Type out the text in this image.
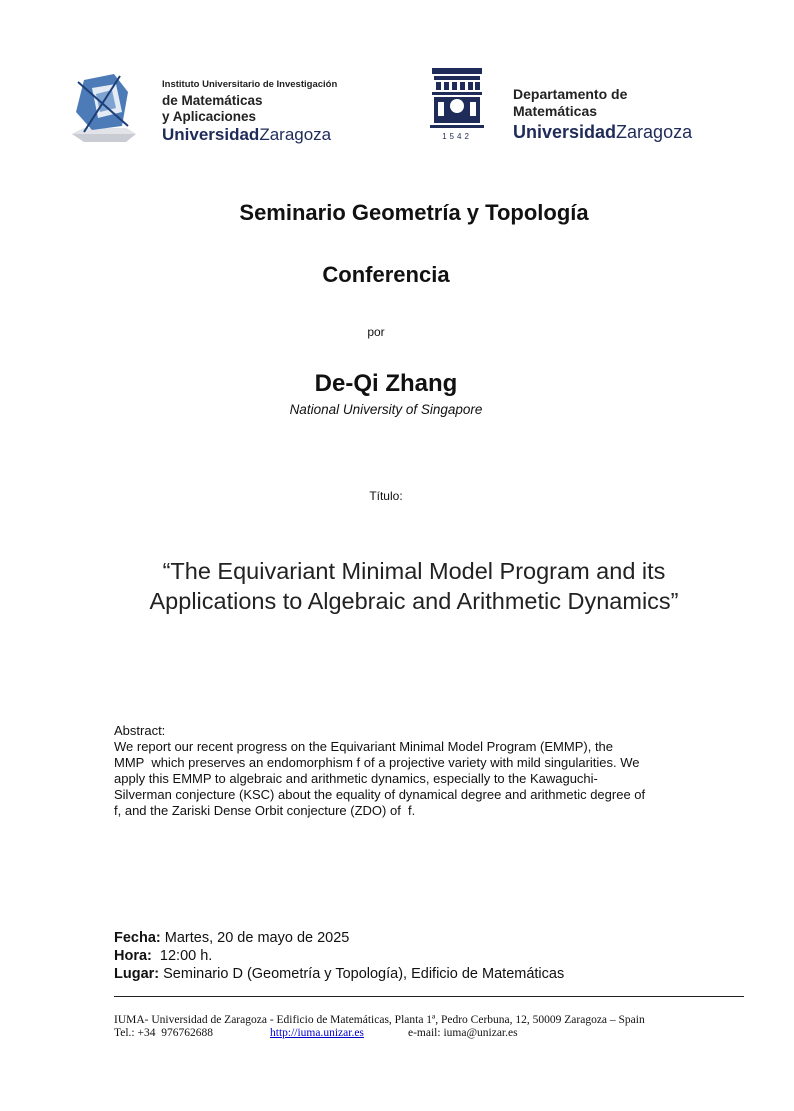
Instituto Universitario de Investigación
de Matemáticas
y Aplicaciones
UniversidadZaragoza	1542
Departamento de
Matemáticas
UniversidadZaragoza
Seminario Geometría y Topología
Conferencia
por
De-Qi Zhang
National University of Singapore
Título:
“The Equivariant Minimal Model Program and its
Applications to Algebraic and Arithmetic Dynamics”
Abstract:
We report our recent progress on the Equivariant Minimal Model Program (EMMP), the
MMP  which preserves an endomorphism f of a projective variety with mild singularities. We
apply this EMMP to algebraic and arithmetic dynamics, especially to the Kawaguchi-
Silverman conjecture (KSC) about the equality of dynamical degree and arithmetic degree of
f, and the Zariski Dense Orbit conjecture (ZDO) of  f.
Fecha: Martes, 20 de mayo de 2025
Hora:  12:00 h.
Lugar: Seminario D (Geometría y Topología), Edificio de Matemáticas
IUMA- Universidad de Zaragoza - Edificio de Matemáticas, Planta 1ª, Pedro Cerbuna, 12, 50009 Zaragoza – Spain
Tel.: +34  976762688	http://iuma.unizar.es	e-mail: iuma@unizar.es
